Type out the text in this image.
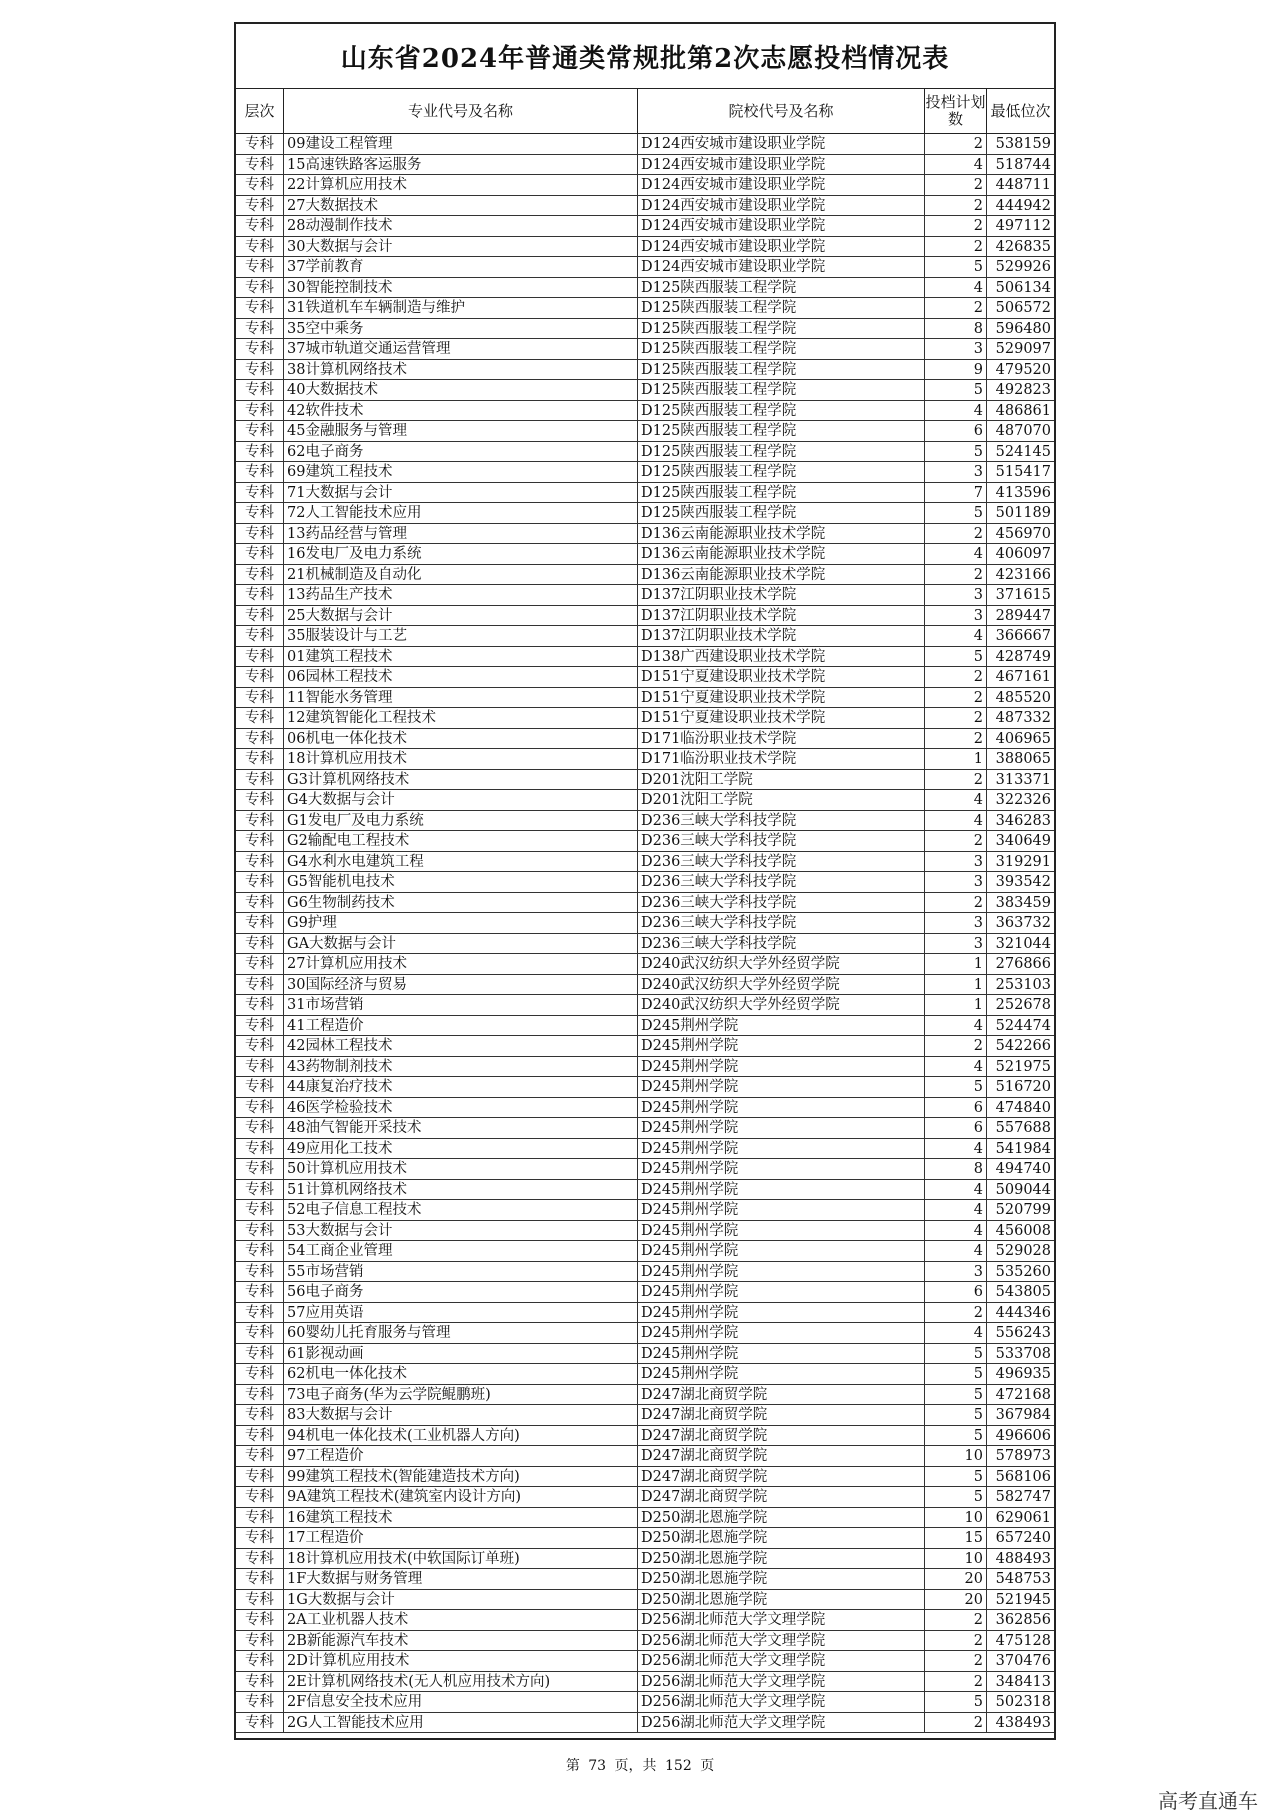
山东省2024年普通类常规批第2次志愿投档情况表
层次	专业代号及名称	院校代号及名称	投档计划数	最低位次
专科 09建设工程管理	D124西安城市建设职业学院	2 538159
专科 15高速铁路客运服务	D124西安城市建设职业学院	4 518744
专科 22计算机应用技术	D124西安城市建设职业学院	2 448711
专科 27大数据技术	D124西安城市建设职业学院	2 444942
专科 28动漫制作技术	D124西安城市建设职业学院	2 497112
专科 30大数据与会计	D124西安城市建设职业学院	2 426835
专科 37学前教育	D124西安城市建设职业学院	5 529926
专科 30智能控制技术	D125陕西服装工程学院	4 506134
专科 31铁道机车车辆制造与维护	D125陕西服装工程学院	2 506572
专科 35空中乘务	D125陕西服装工程学院	8 596480
专科 37城市轨道交通运营管理	D125陕西服装工程学院	3 529097
专科 38计算机网络技术	D125陕西服装工程学院	9 479520
专科 40大数据技术	D125陕西服装工程学院	5 492823
专科 42软件技术	D125陕西服装工程学院	4 486861
专科 45金融服务与管理	D125陕西服装工程学院	6 487070
专科 62电子商务	D125陕西服装工程学院	5 524145
专科 69建筑工程技术	D125陕西服装工程学院	3 515417
专科 71大数据与会计	D125陕西服装工程学院	7 413596
专科 72人工智能技术应用	D125陕西服装工程学院	5 501189
专科 13药品经营与管理	D136云南能源职业技术学院	2 456970
专科 16发电厂及电力系统	D136云南能源职业技术学院	4 406097
专科 21机械制造及自动化	D136云南能源职业技术学院	2 423166
专科 13药品生产技术	D137江阴职业技术学院	3 371615
专科 25大数据与会计	D137江阴职业技术学院	3 289447
专科 35服装设计与工艺	D137江阴职业技术学院	4 366667
专科 01建筑工程技术	D138广西建设职业技术学院	5 428749
专科 06园林工程技术	D151宁夏建设职业技术学院	2 467161
专科 11智能水务管理	D151宁夏建设职业技术学院	2 485520
专科 12建筑智能化工程技术	D151宁夏建设职业技术学院	2 487332
专科 06机电一体化技术	D171临汾职业技术学院	2 406965
专科 18计算机应用技术	D171临汾职业技术学院	1 388065
专科 G3计算机网络技术	D201沈阳工学院	2 313371
专科 G4大数据与会计	D201沈阳工学院	4 322326
专科 G1发电厂及电力系统	D236三峡大学科技学院	4 346283
专科 G2输配电工程技术	D236三峡大学科技学院	2 340649
专科 G4水利水电建筑工程	D236三峡大学科技学院	3 319291
专科 G5智能机电技术	D236三峡大学科技学院	3 393542
专科 G6生物制药技术	D236三峡大学科技学院	2 383459
专科 G9护理	D236三峡大学科技学院	3 363732
专科 GA大数据与会计	D236三峡大学科技学院	3 321044
专科 27计算机应用技术	D240武汉纺织大学外经贸学院	1 276866
专科 30国际经济与贸易	D240武汉纺织大学外经贸学院	1 253103
专科 31市场营销	D240武汉纺织大学外经贸学院	1 252678
专科 41工程造价	D245荆州学院	4 524474
专科 42园林工程技术	D245荆州学院	2 542266
专科 43药物制剂技术	D245荆州学院	4 521975
专科 44康复治疗技术	D245荆州学院	5 516720
专科 46医学检验技术	D245荆州学院	6 474840
专科 48油气智能开采技术	D245荆州学院	6 557688
专科 49应用化工技术	D245荆州学院	4 541984
专科 50计算机应用技术	D245荆州学院	8 494740
专科 51计算机网络技术	D245荆州学院	4 509044
专科 52电子信息工程技术	D245荆州学院	4 520799
专科 53大数据与会计	D245荆州学院	4 456008
专科 54工商企业管理	D245荆州学院	4 529028
专科 55市场营销	D245荆州学院	3 535260
专科 56电子商务	D245荆州学院	6 543805
专科 57应用英语	D245荆州学院	2 444346
专科 60婴幼儿托育服务与管理	D245荆州学院	4 556243
专科 61影视动画	D245荆州学院	5 533708
专科 62机电一体化技术	D245荆州学院	5 496935
专科 73电子商务(华为云学院鲲鹏班)	D247湖北商贸学院	5 472168
专科 83大数据与会计	D247湖北商贸学院	5 367984
专科 94机电一体化技术(工业机器人方向)	D247湖北商贸学院	5 496606
专科 97工程造价	D247湖北商贸学院	10 578973
专科 99建筑工程技术(智能建造技术方向)	D247湖北商贸学院	5 568106
专科 9A建筑工程技术(建筑室内设计方向)	D247湖北商贸学院	5 582747
专科 16建筑工程技术	D250湖北恩施学院	10 629061
专科 17工程造价	D250湖北恩施学院	15 657240
专科 18计算机应用技术(中软国际订单班)	D250湖北恩施学院	10 488493
专科 1F大数据与财务管理	D250湖北恩施学院	20 548753
专科 1G大数据与会计	D250湖北恩施学院	20 521945
专科 2A工业机器人技术	D256湖北师范大学文理学院	2 362856
专科 2B新能源汽车技术	D256湖北师范大学文理学院	2 475128
专科 2D计算机应用技术	D256湖北师范大学文理学院	2 370476
专科 2E计算机网络技术(无人机应用技术方向)	D256湖北师范大学文理学院	2 348413
专科 2F信息安全技术应用	D256湖北师范大学文理学院	5 502318
专科 2G人工智能技术应用	D256湖北师范大学文理学院	2 438493
第 73 页，共 152 页
高考直通车
